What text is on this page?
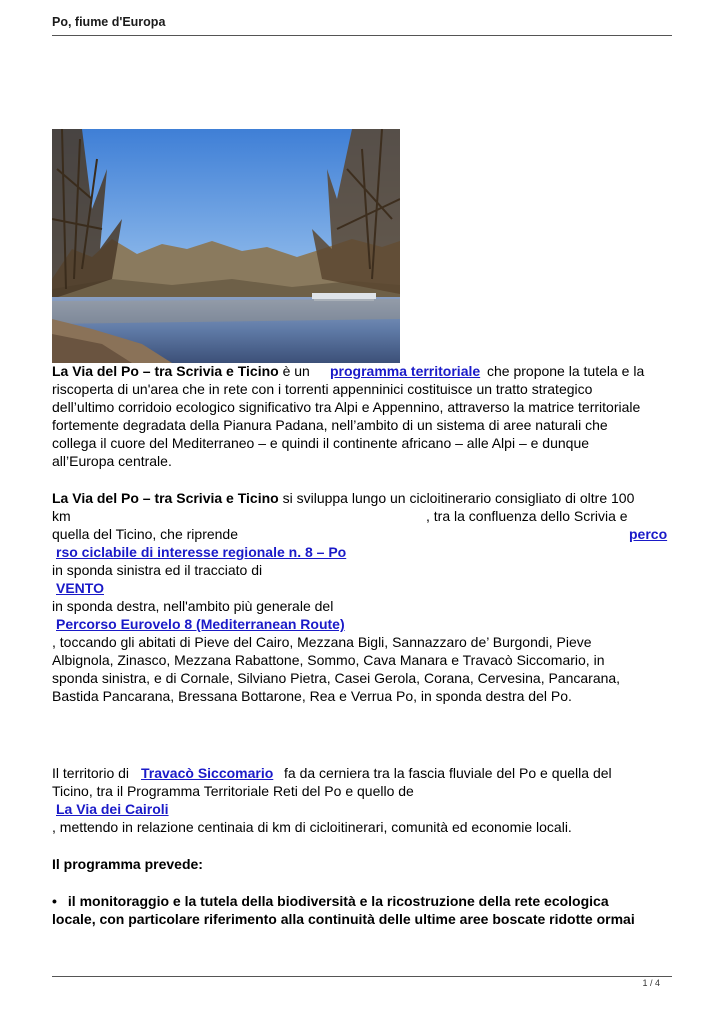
Po, fiume d'Europa
La Via del Po – tra Scrivia e Ticino è un programma territoriale che propone la tutela e la
riscoperta di un'area che in rete con i torrenti appenninici costituisce un tratto strategico
dell’ultimo corridoio ecologico significativo tra Alpi e Appennino, attraverso la matrice territoriale
fortemente degradata della Pianura Padana, nell’ambito di un sistema di aree naturali che
collega il cuore del Mediterraneo – e quindi il continente africano – alle Alpi – e dunque
all’Europa centrale.
La Via del Po – tra Scrivia e Ticino si sviluppa lungo un cicloitinerario consigliato di oltre 100
km	, tra la confluenza dello Scrivia e
quella del Ticino, che riprende	perco
rso ciclabile di interesse regionale n. 8 – Po
in sponda sinistra ed il tracciato di
VENTO
in sponda destra, nell'ambito più generale del
Percorso Eurovelo 8 (Mediterranean Route)
, toccando gli abitati di Pieve del Cairo, Mezzana Bigli, Sannazzaro de’ Burgondi, Pieve
Albignola, Zinasco, Mezzana Rabattone, Sommo, Cava Manara e Travacò Siccomario, in
sponda sinistra, e di Cornale, Silviano Pietra, Casei Gerola, Corana, Cervesina, Pancarana,
Bastida Pancarana, Bressana Bottarone, Rea e Verrua Po, in sponda destra del Po.
Il territorio di Travacò Siccomario fa da cerniera tra la fascia fluviale del Po e quella del
Ticino, tra il Programma Territoriale Reti del Po e quello de
La Via dei Cairoli
, mettendo in relazione centinaia di km di cicloitinerari, comunità ed economie locali.
Il programma prevede:
• il monitoraggio e la tutela della biodiversità e la ricostruzione della rete ecologica
locale, con particolare riferimento alla continuità delle ultime aree boscate ridotte ormai
1 / 4
